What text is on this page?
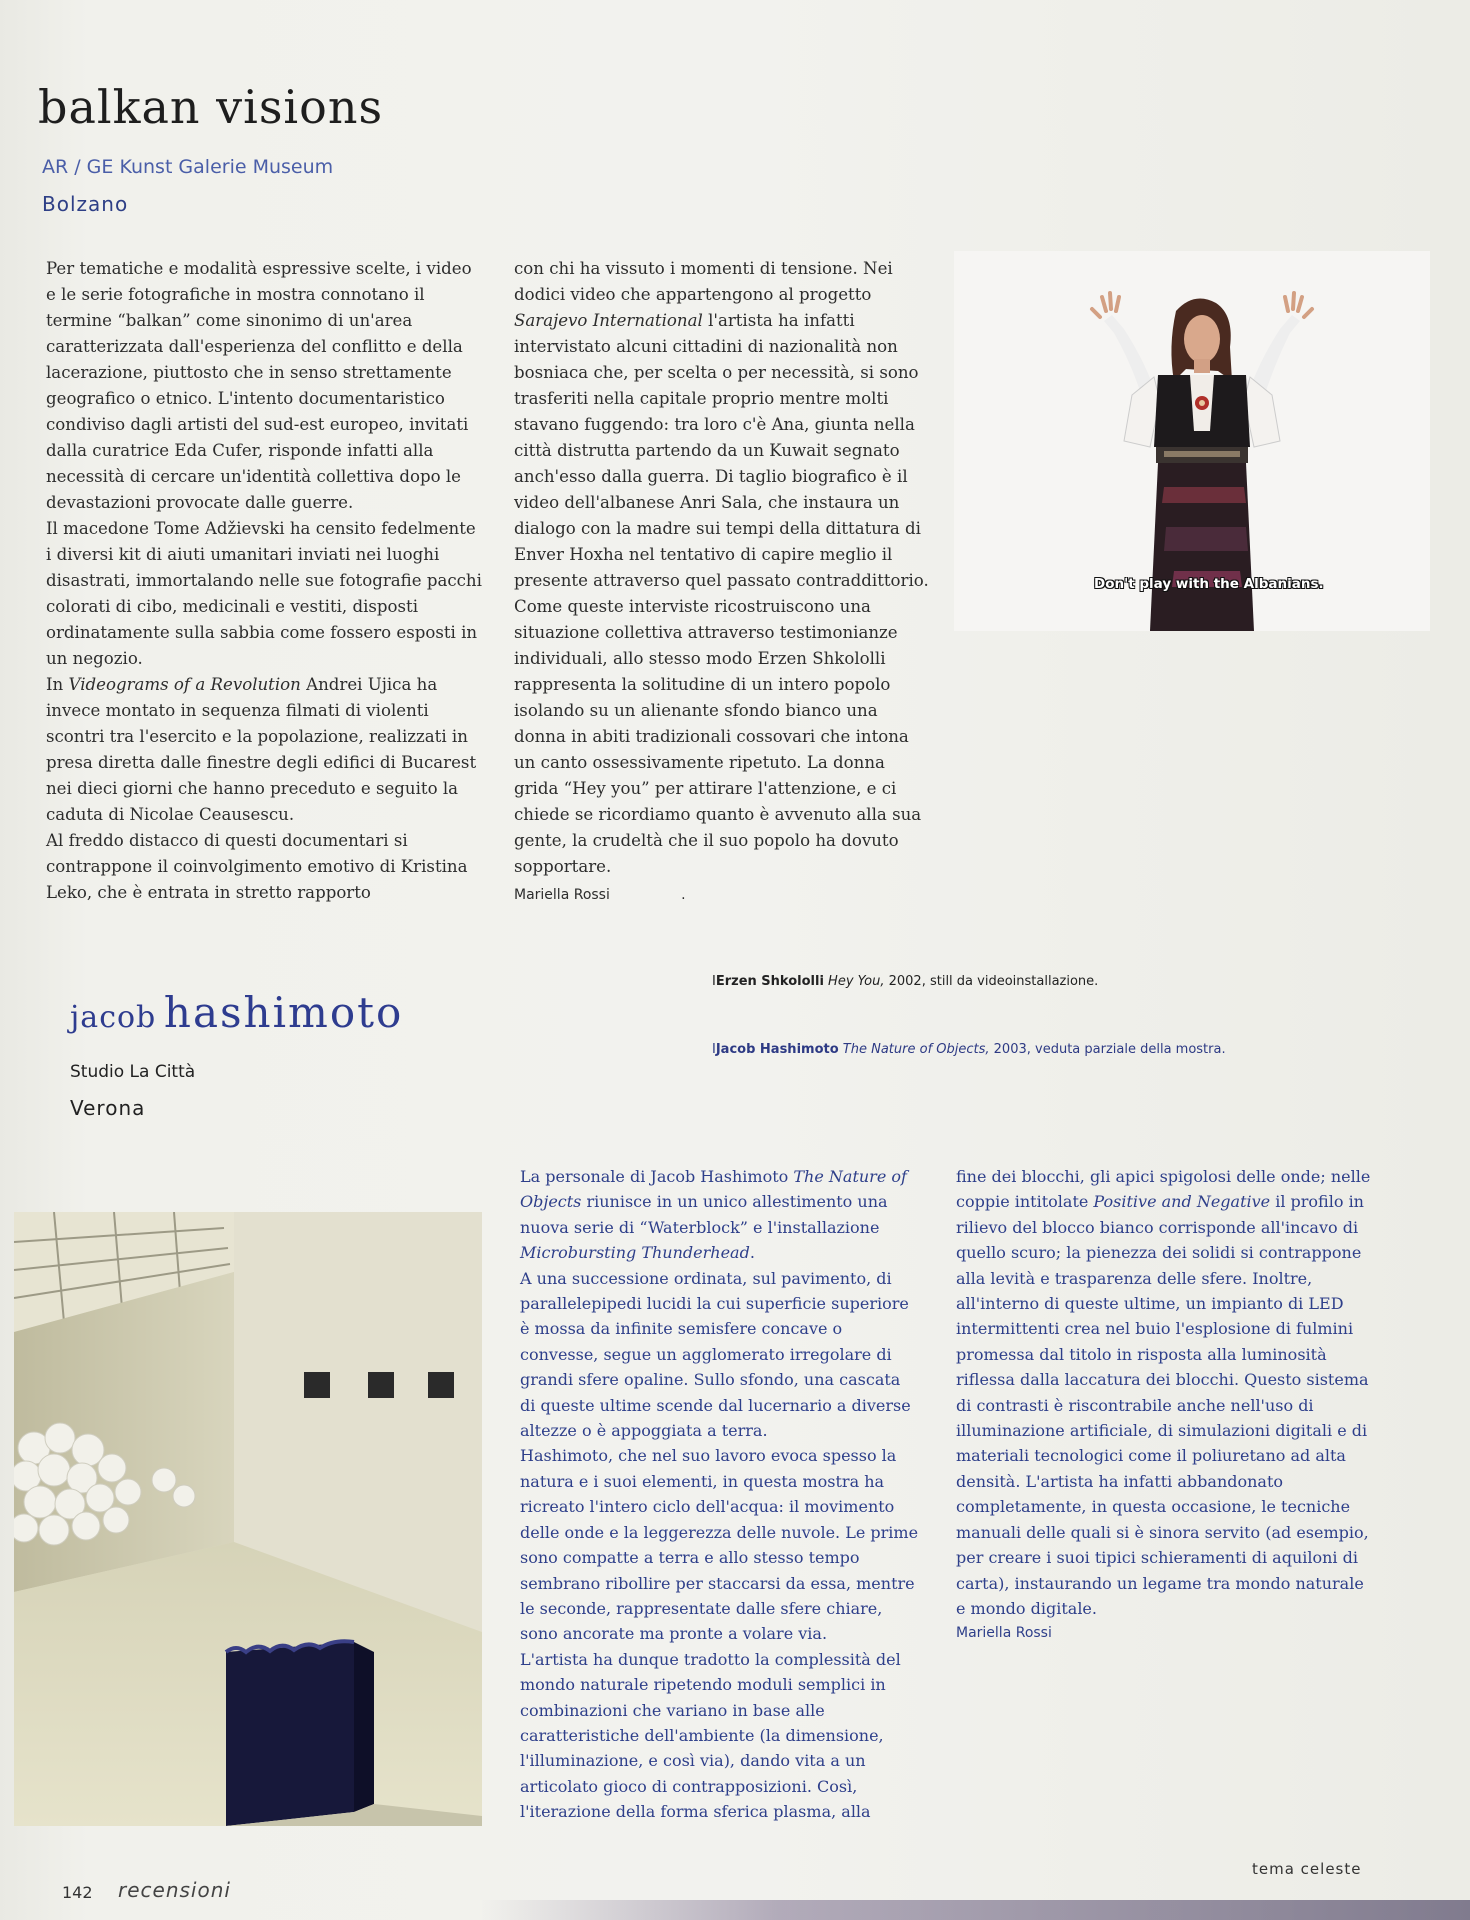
balkan visions
AR / GE Kunst Galerie Museum
Bolzano

Per tematiche e modalità espressive scelte, i video e le serie fotografiche in mostra connotano il termine “balkan” come sinonimo di un'area caratterizzata dall'esperienza del conflitto e della lacerazione, piuttosto che in senso strettamente geografico o etnico. L'intento documentaristico condiviso dagli artisti del sud-est europeo, invitati dalla curatrice Eda Cufer, risponde infatti alla necessità di cercare un'identità collettiva dopo le devastazioni provocate dalle guerre.

Il macedone Tome Adžievski ha censito fedelmente i diversi kit di aiuti umanitari inviati nei luoghi disastrati, immortalando nelle sue fotografie pacchi colorati di cibo, medicinali e vestiti, disposti ordinatamente sulla sabbia come fossero esposti in un negozio.

In Videograms of a Revolution Andrei Ujica ha invece montato in sequenza filmati di violenti scontri tra l'esercito e la popolazione, realizzati in presa diretta dalle finestre degli edifici di Bucarest nei dieci giorni che hanno preceduto e seguito la caduta di Nicolae Ceausescu.

Al freddo distacco di questi documentari si contrappone il coinvolgimento emotivo di Kristina Leko, che è entrata in stretto rapporto

con chi ha vissuto i momenti di tensione. Nei dodici video che appartengono al progetto Sarajevo International l'artista ha infatti intervistato alcuni cittadini di nazionalità non bosniaca che, per scelta o per necessità, si sono trasferiti nella capitale proprio mentre molti stavano fuggendo: tra loro c'è Ana, giunta nella città distrutta partendo da un Kuwait segnato anch'esso dalla guerra. Di taglio biografico è il video dell'albanese Anri Sala, che instaura un dialogo con la madre sui tempi della dittatura di Enver Hoxha nel tentativo di capire meglio il presente attraverso quel passato contraddittorio.

Come queste interviste ricostruiscono una situazione collettiva attraverso testimonianze individuali, allo stesso modo Erzen Shkololli rappresenta la solitudine di un intero popolo isolando su un alienante sfondo bianco una donna in abiti tradizionali cossovari che intona un canto ossessivamente ripetuto. La donna grida “Hey you” per attirare l'attenzione, e ci chiede se ricordiamo quanto è avvenuto alla sua gente, la crudeltà che il suo popolo ha dovuto sopportare.

Mariella Rossi                .
Don't play with the Albanians.
IErzen Shkololli Hey You, 2002, still da videoinstallazione.
IJacob Hashimoto The Nature of Objects, 2003, veduta parziale della mostra.
jacob hashimoto
Studio La Città
Verona

La personale di Jacob Hashimoto The Nature of Objects riunisce in un unico allestimento una nuova serie di “Waterblock” e l'installazione Microbursting Thunderhead.

A una successione ordinata, sul pavimento, di parallelepipedi lucidi la cui superficie superiore è mossa da infinite semisfere concave o convesse, segue un agglomerato irregolare di grandi sfere opaline. Sullo sfondo, una cascata di queste ultime scende dal lucernario a diverse altezze o è appoggiata a terra.

Hashimoto, che nel suo lavoro evoca spesso la natura e i suoi elementi, in questa mostra ha ricreato l'intero ciclo dell'acqua: il movimento delle onde e la leggerezza delle nuvole. Le prime sono compatte a terra e allo stesso tempo sembrano ribollire per staccarsi da essa, mentre le seconde, rappresentate dalle sfere chiare, sono ancorate ma pronte a volare via.

L'artista ha dunque tradotto la complessità del mondo naturale ripetendo moduli semplici in combinazioni che variano in base alle caratteristiche dell'ambiente (la dimensione, l'illuminazione, e così via), dando vita a un articolato gioco di contrapposizioni. Così, l'iterazione della forma sferica plasma, alla

fine dei blocchi, gli apici spigolosi delle onde; nelle coppie intitolate Positive and Negative il profilo in rilievo del blocco bianco corrisponde all'incavo di quello scuro; la pienezza dei solidi si contrappone alla levità e trasparenza delle sfere. Inoltre, all'interno di queste ultime, un impianto di LED intermittenti crea nel buio l'esplosione di fulmini promessa dal titolo in risposta alla luminosità riflessa dalla laccatura dei blocchi. Questo sistema di contrasti è riscontrabile anche nell'uso di illuminazione artificiale, di simulazioni digitali e di materiali tecnologici come il poliuretano ad alta densità. L'artista ha infatti abbandonato completamente, in questa occasione, le tecniche manuali delle quali si è sinora servito (ad esempio, per creare i suoi tipici schieramenti di aquiloni di carta), instaurando un legame tra mondo naturale e mondo digitale.

Mariella Rossi
142 recensioni
tema celeste
